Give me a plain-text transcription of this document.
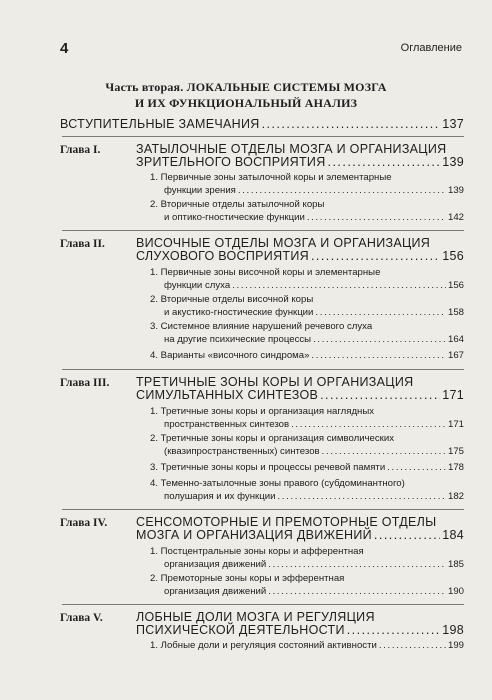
4	Оглавление
Часть вторая. ЛОКАЛЬНЫЕ СИСТЕМЫ МОЗГА
И ИХ ФУНКЦИОНАЛЬНЫЙ АНАЛИЗ
ВСТУПИТЕЛЬНЫЕ ЗАМЕЧАНИЯ . . .	137
Глава I.	ЗАТЫЛОЧНЫЕ ОТДЕЛЫ МОЗГА И ОРГАНИЗАЦИЯ
ЗРИТЕЛЬНОГО ВОСПРИЯТИЯ . . .	139
1. Первичные зоны затылочной коры и элементарные
функции зрения . . .	139
2. Вторичные отделы затылочной коры
и оптико-гностические функции . . .	142
Глава II. ВИСОЧНЫЕ ОТДЕЛЫ МОЗГА И ОРГАНИЗАЦИЯ
СЛУХОВОГО ВОСПРИЯТИЯ . . .	156
1. Первичные зоны височной коры и элементарные
функции слуха . . .	156
2. Вторичные отделы височной коры
и акустико-гностические функции . . .	158
3. Системное влияние нарушений речевого слуха
на другие психические процессы . . .	164
4. Варианты «височного синдрома» . . .	167
Глава III. ТРЕТИЧНЫЕ ЗОНЫ КОРЫ И ОРГАНИЗАЦИЯ
СИМУЛЬТАННЫХ СИНТЕЗОВ . . .	171
1. Третичные зоны коры и организация наглядных
пространственных синтезов . . .	171
2. Третичные зоны коры и организация символических
(квазипространственных) синтезов . . .	175
3. Третичные зоны коры и процессы речевой памяти . . .	178
4. Теменно-затылочные зоны правого (субдоминантного)
полушария и их функции . . .	182
Глава IV. СЕНСОМОТОРНЫЕ И ПРЕМОТОРНЫЕ ОТДЕЛЫ
МОЗГА И ОРГАНИЗАЦИЯ ДВИЖЕНИЙ . . .	184
1. Постцентральные зоны коры и афферентная
организация движений . . .	185
2. Премоторные зоны коры и эфферентная
организация движений . . .	190
Глава V.	ЛОБНЫЕ ДОЛИ МОЗГА И РЕГУЛЯЦИЯ
ПСИХИЧЕСКОЙ ДЕЯТЕЛЬНОСТИ . . .	198
1. Лобные доли и регуляция состояний активности . . .	199
